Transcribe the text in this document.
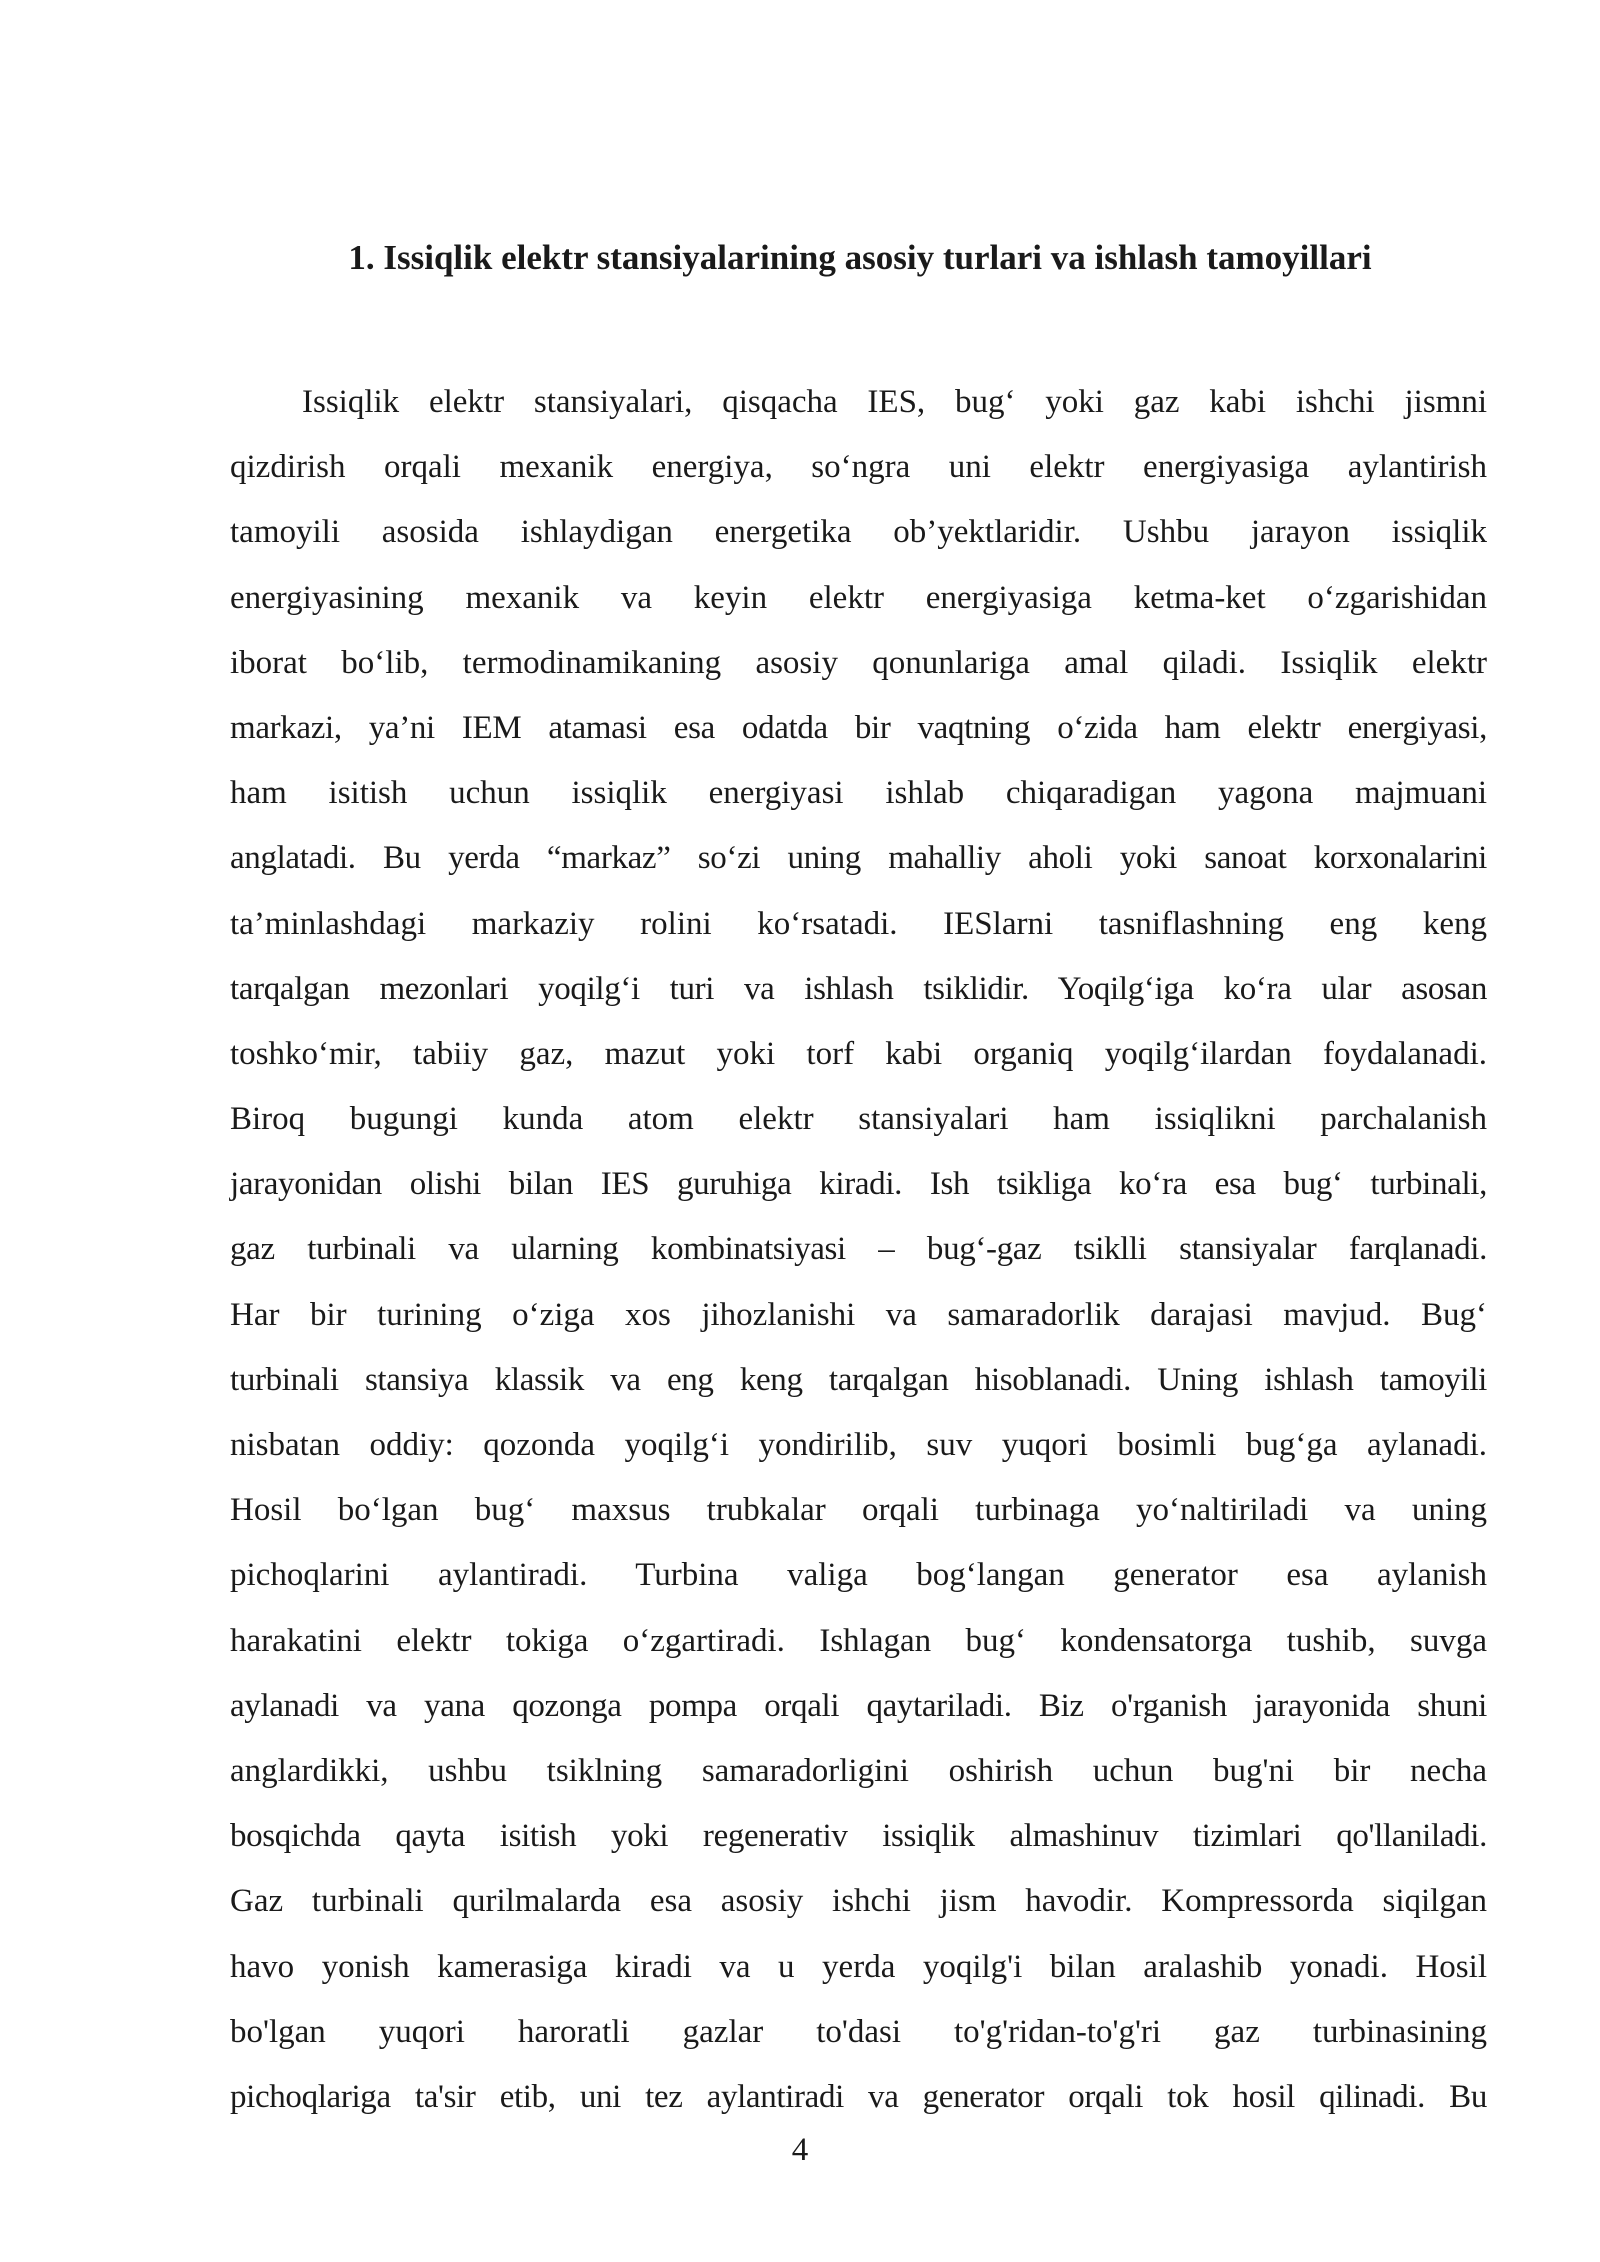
1. Issiqlik elektr stansiyalarining asosiy turlari va ishlash tamoyillari
Issiqlik elektr stansiyalari, qisqacha IES, bug‘ yoki gaz kabi ishchi jismni
qizdirish orqali mexanik energiya, so‘ngra uni elektr energiyasiga aylantirish
tamoyili asosida ishlaydigan energetika ob’yektlaridir. Ushbu jarayon issiqlik
energiyasining mexanik va keyin elektr energiyasiga ketma-ket o‘zgarishidan
iborat bo‘lib, termodinamikaning asosiy qonunlariga amal qiladi. Issiqlik elektr
markazi, ya’ni IEM atamasi esa odatda bir vaqtning o‘zida ham elektr energiyasi,
ham isitish uchun issiqlik energiyasi ishlab chiqaradigan yagona majmuani
anglatadi. Bu yerda “markaz” so‘zi uning mahalliy aholi yoki sanoat korxonalarini
ta’minlashdagi markaziy rolini ko‘rsatadi. IESlarni tasniflashning eng keng
tarqalgan mezonlari yoqilg‘i turi va ishlash tsiklidir. Yoqilg‘iga ko‘ra ular asosan
toshko‘mir, tabiiy gaz, mazut yoki torf kabi organiq yoqilg‘ilardan foydalanadi.
Biroq bugungi kunda atom elektr stansiyalari ham issiqlikni parchalanish
jarayonidan olishi bilan IES guruhiga kiradi. Ish tsikliga ko‘ra esa bug‘ turbinali,
gaz turbinali va ularning kombinatsiyasi – bug‘-gaz tsiklli stansiyalar farqlanadi.
Har bir turining o‘ziga xos jihozlanishi va samaradorlik darajasi mavjud. Bug‘
turbinali stansiya klassik va eng keng tarqalgan hisoblanadi. Uning ishlash tamoyili
nisbatan oddiy: qozonda yoqilg‘i yondirilib, suv yuqori bosimli bug‘ga aylanadi.
Hosil bo‘lgan bug‘ maxsus trubkalar orqali turbinaga yo‘naltiriladi va uning
pichoqlarini aylantiradi. Turbina valiga bog‘langan generator esa aylanish
harakatini elektr tokiga o‘zgartiradi. Ishlagan bug‘ kondensatorga tushib, suvga
aylanadi va yana qozonga pompa orqali qaytariladi. Biz o'rganish jarayonida shuni
anglardikki, ushbu tsiklning samaradorligini oshirish uchun bug'ni bir necha
bosqichda qayta isitish yoki regenerativ issiqlik almashinuv tizimlari qo'llaniladi.
Gaz turbinali qurilmalarda esa asosiy ishchi jism havodir. Kompressorda siqilgan
havo yonish kamerasiga kiradi va u yerda yoqilg'i bilan aralashib yonadi. Hosil
bo'lgan yuqori haroratli gazlar to'dasi to'g'ridan-to'g'ri gaz turbinasining
pichoqlariga ta'sir etib, uni tez aylantiradi va generator orqali tok hosil qilinadi. Bu
4
